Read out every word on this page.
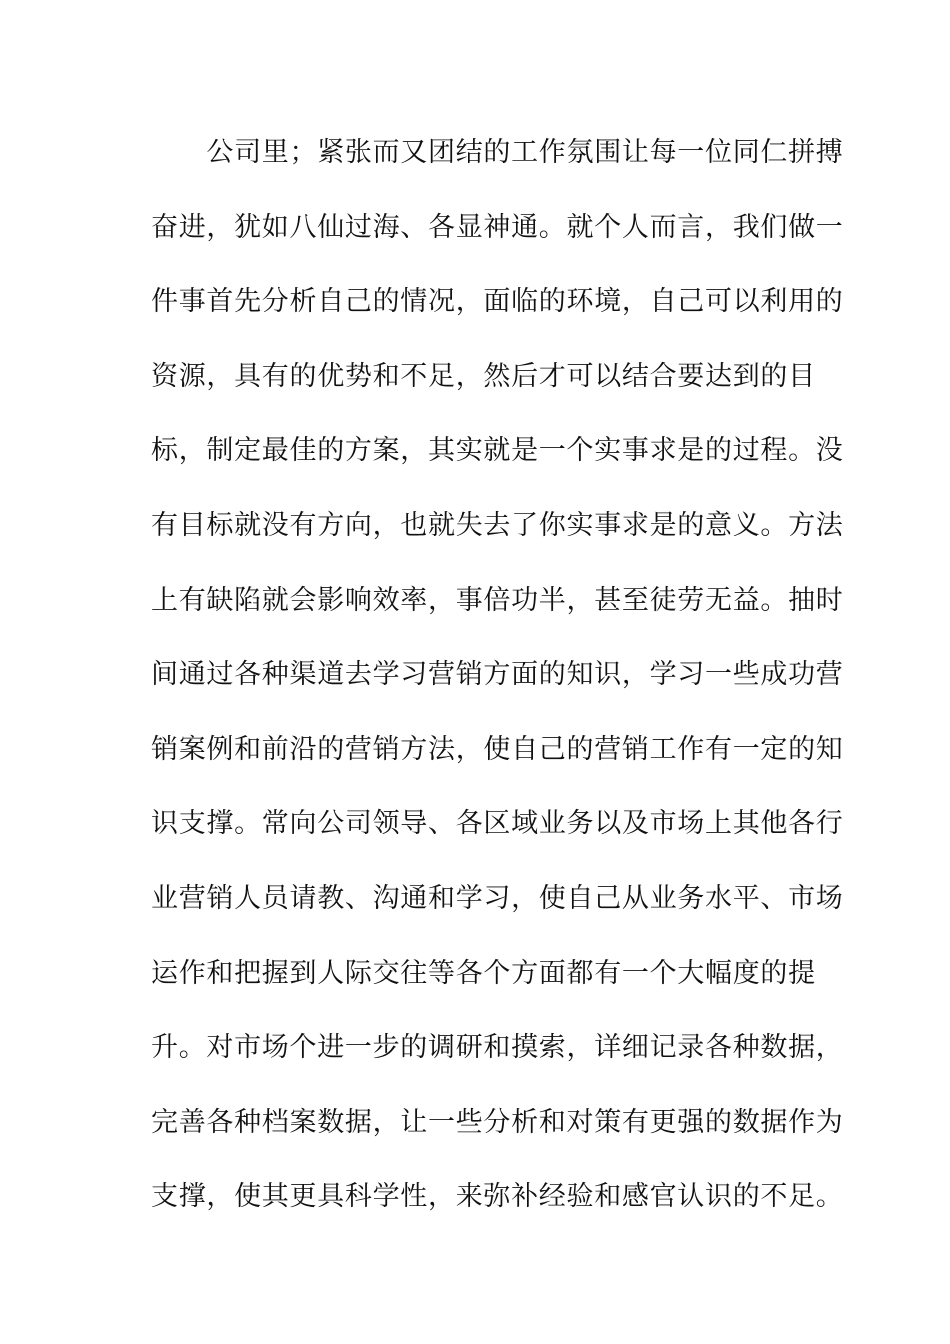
　　公司里；紧张而又团结的工作氛围让每一位同仁拼搏
奋进，犹如八仙过海、各显神通。就个人而言，我们做一
件事首先分析自己的情况，面临的环境，自己可以利用的
资源，具有的优势和不足，然后才可以结合要达到的目
标，制定最佳的方案，其实就是一个实事求是的过程。没
有目标就没有方向，也就失去了你实事求是的意义。方法
上有缺陷就会影响效率，事倍功半，甚至徒劳无益。抽时
间通过各种渠道去学习营销方面的知识，学习一些成功营
销案例和前沿的营销方法，使自己的营销工作有一定的知
识支撑。常向公司领导、各区域业务以及市场上其他各行
业营销人员请教、沟通和学习，使自己从业务水平、市场
运作和把握到人际交往等各个方面都有一个大幅度的提
升。对市场个进一步的调研和摸索，详细记录各种数据，
完善各种档案数据，让一些分析和对策有更强的数据作为
支撑，使其更具科学性，来弥补经验和感官认识的不足。
